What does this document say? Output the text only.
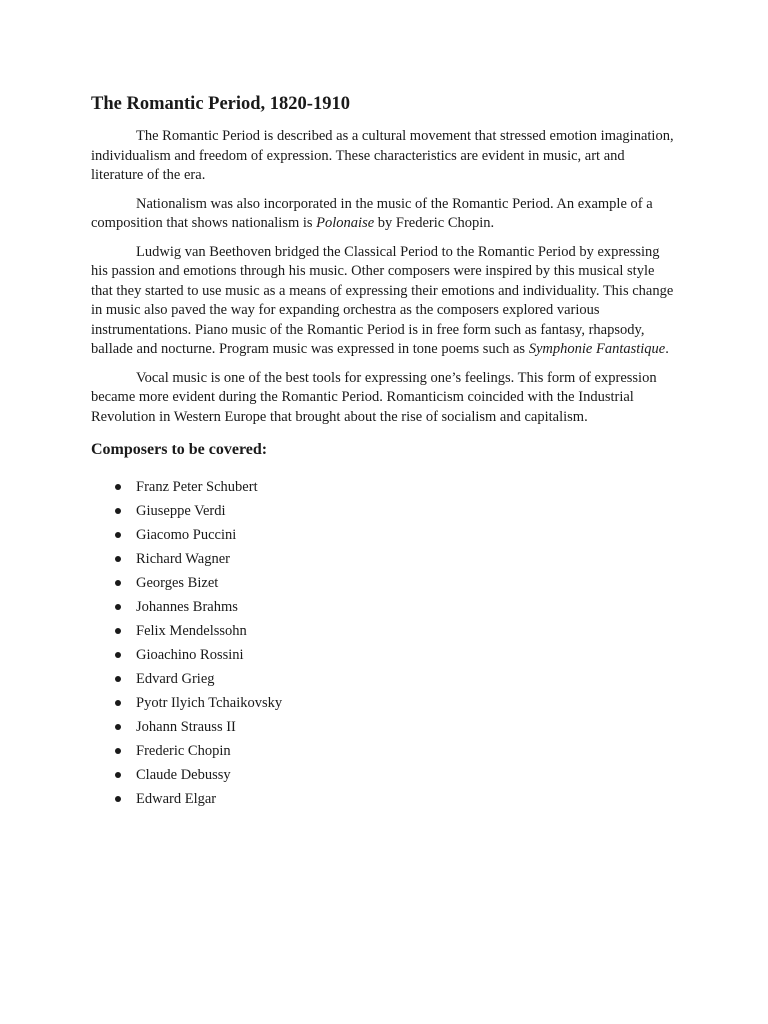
The Romantic Period, 1820-1910

The Romantic Period is described as a cultural movement that stressed emotion imagination, individualism and freedom of expression. These characteristics are evident in music, art and literature of the era.

Nationalism was also incorporated in the music of the Romantic Period. An example of a composition that shows nationalism is Polonaise by Frederic Chopin.

Ludwig van Beethoven bridged the Classical Period to the Romantic Period by expressing his passion and emotions through his music. Other composers were inspired by this musical style that they started to use music as a means of expressing their emotions and individuality. This change in music also paved the way for expanding orchestra as the composers explored various instrumentations. Piano music of the Romantic Period is in free form such as fantasy, rhapsody, ballade and nocturne. Program music was expressed in tone poems such as Symphonie Fantastique.

Vocal music is one of the best tools for expressing one’s feelings. This form of expression became more evident during the Romantic Period. Romanticism coincided with the Industrial Revolution in Western Europe that brought about the rise of socialism and capitalism.

Composers to be covered:
Franz Peter Schubert
Giuseppe Verdi
Giacomo Puccini
Richard Wagner
Georges Bizet
Johannes Brahms
Felix Mendelssohn
Gioachino Rossini
Edvard Grieg
Pyotr Ilyich Tchaikovsky
Johann Strauss II
Frederic Chopin
Claude Debussy
Edward Elgar
